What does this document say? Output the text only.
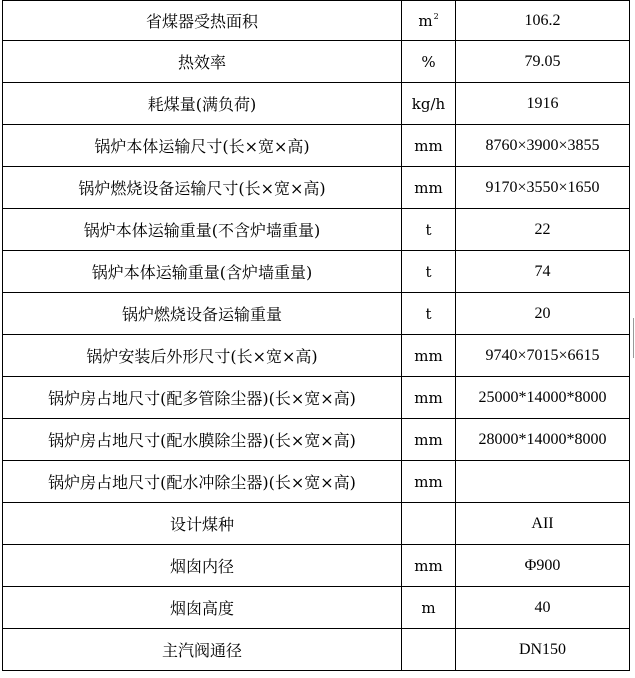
省煤器受热面积	$m^2$	106.2
热效率	%	79.05
耗煤量(满负荷)	kg/h	1916
锅炉本体运输尺寸(长×宽×高)	mm	8760×3900×3855
锅炉燃烧设备运输尺寸(长×宽×高)	mm	9170×3550×1650
锅炉本体运输重量(不含炉墙重量)	t	22
锅炉本体运输重量(含炉墙重量)	t	74
锅炉燃烧设备运输重量	t	20
锅炉安装后外形尺寸(长×宽×高)	mm	9740×7015×6615
锅炉房占地尺寸(配多管除尘器)(长×宽×高)	mm	25000*14000*8000
锅炉房占地尺寸(配水膜除尘器)(长×宽×高)	mm	28000*14000*8000
锅炉房占地尺寸(配水冲除尘器)(长×宽×高)	mm	
设计煤种		AII
烟囱内径	mm	Φ900
烟囱高度	m	40
主汽阀通径		DN150
